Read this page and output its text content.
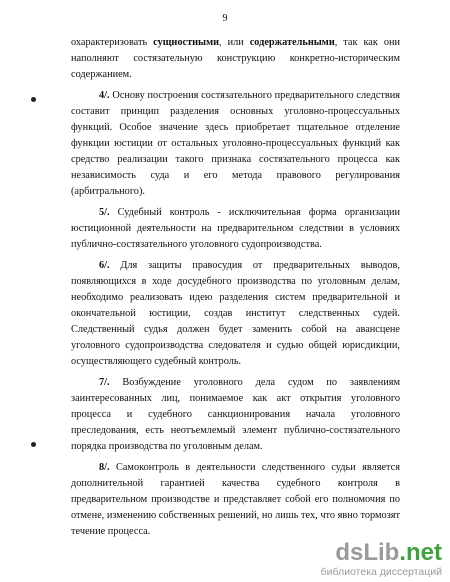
9

охарактеризовать сущностными, или содержательными, так как они наполняют состязательную конструкцию конкретно-историческим содержанием.

4/. Основу построения состязательного предварительного следствия составит принцип разделения основных уголовно-процессуальных функций. Особое значение здесь приобретает тщательное отделение функции юстиции от остальных уголовно-процессуальных функций как средство реализации такого признака состязательного процесса как независимость суда и его метода правового регулирования (арбитрального).

5/. Судебный контроль - исключительная форма организации юстиционной деятельности на предварительном следствии в условиях публично-состязательного уголовного судопроизводства.

6/. Для защиты правосудия от предварительных выводов, появляющихся в ходе досудебного производства по уголовным делам, необходимо реализовать идею разделения систем предварительной и окончательной юстиции, создав институт следственных судей. Следственный судья должен будет заменить собой на авансцене уголовного судопроизводства следователя и судью общей юрисдикции, осуществляющего судебный контроль.

7/. Возбуждение уголовного дела судом по заявлениям заинтересованных лиц, понимаемое как акт открытия уголовного процесса и судебного санкционирования начала уголовного преследования, есть неотъемлемый элемент публично-состязательного порядка производства по уголовным делам.

8/. Самоконтроль в деятельности следственного судьи является дополнительной гарантией качества судебного контроля в предварительном производстве и представляет собой его полномочия по отмене, изменению собственных решений, но лишь тех, что явно тормозят течение процесса.

dsLib.net
библиотека диссертаций
